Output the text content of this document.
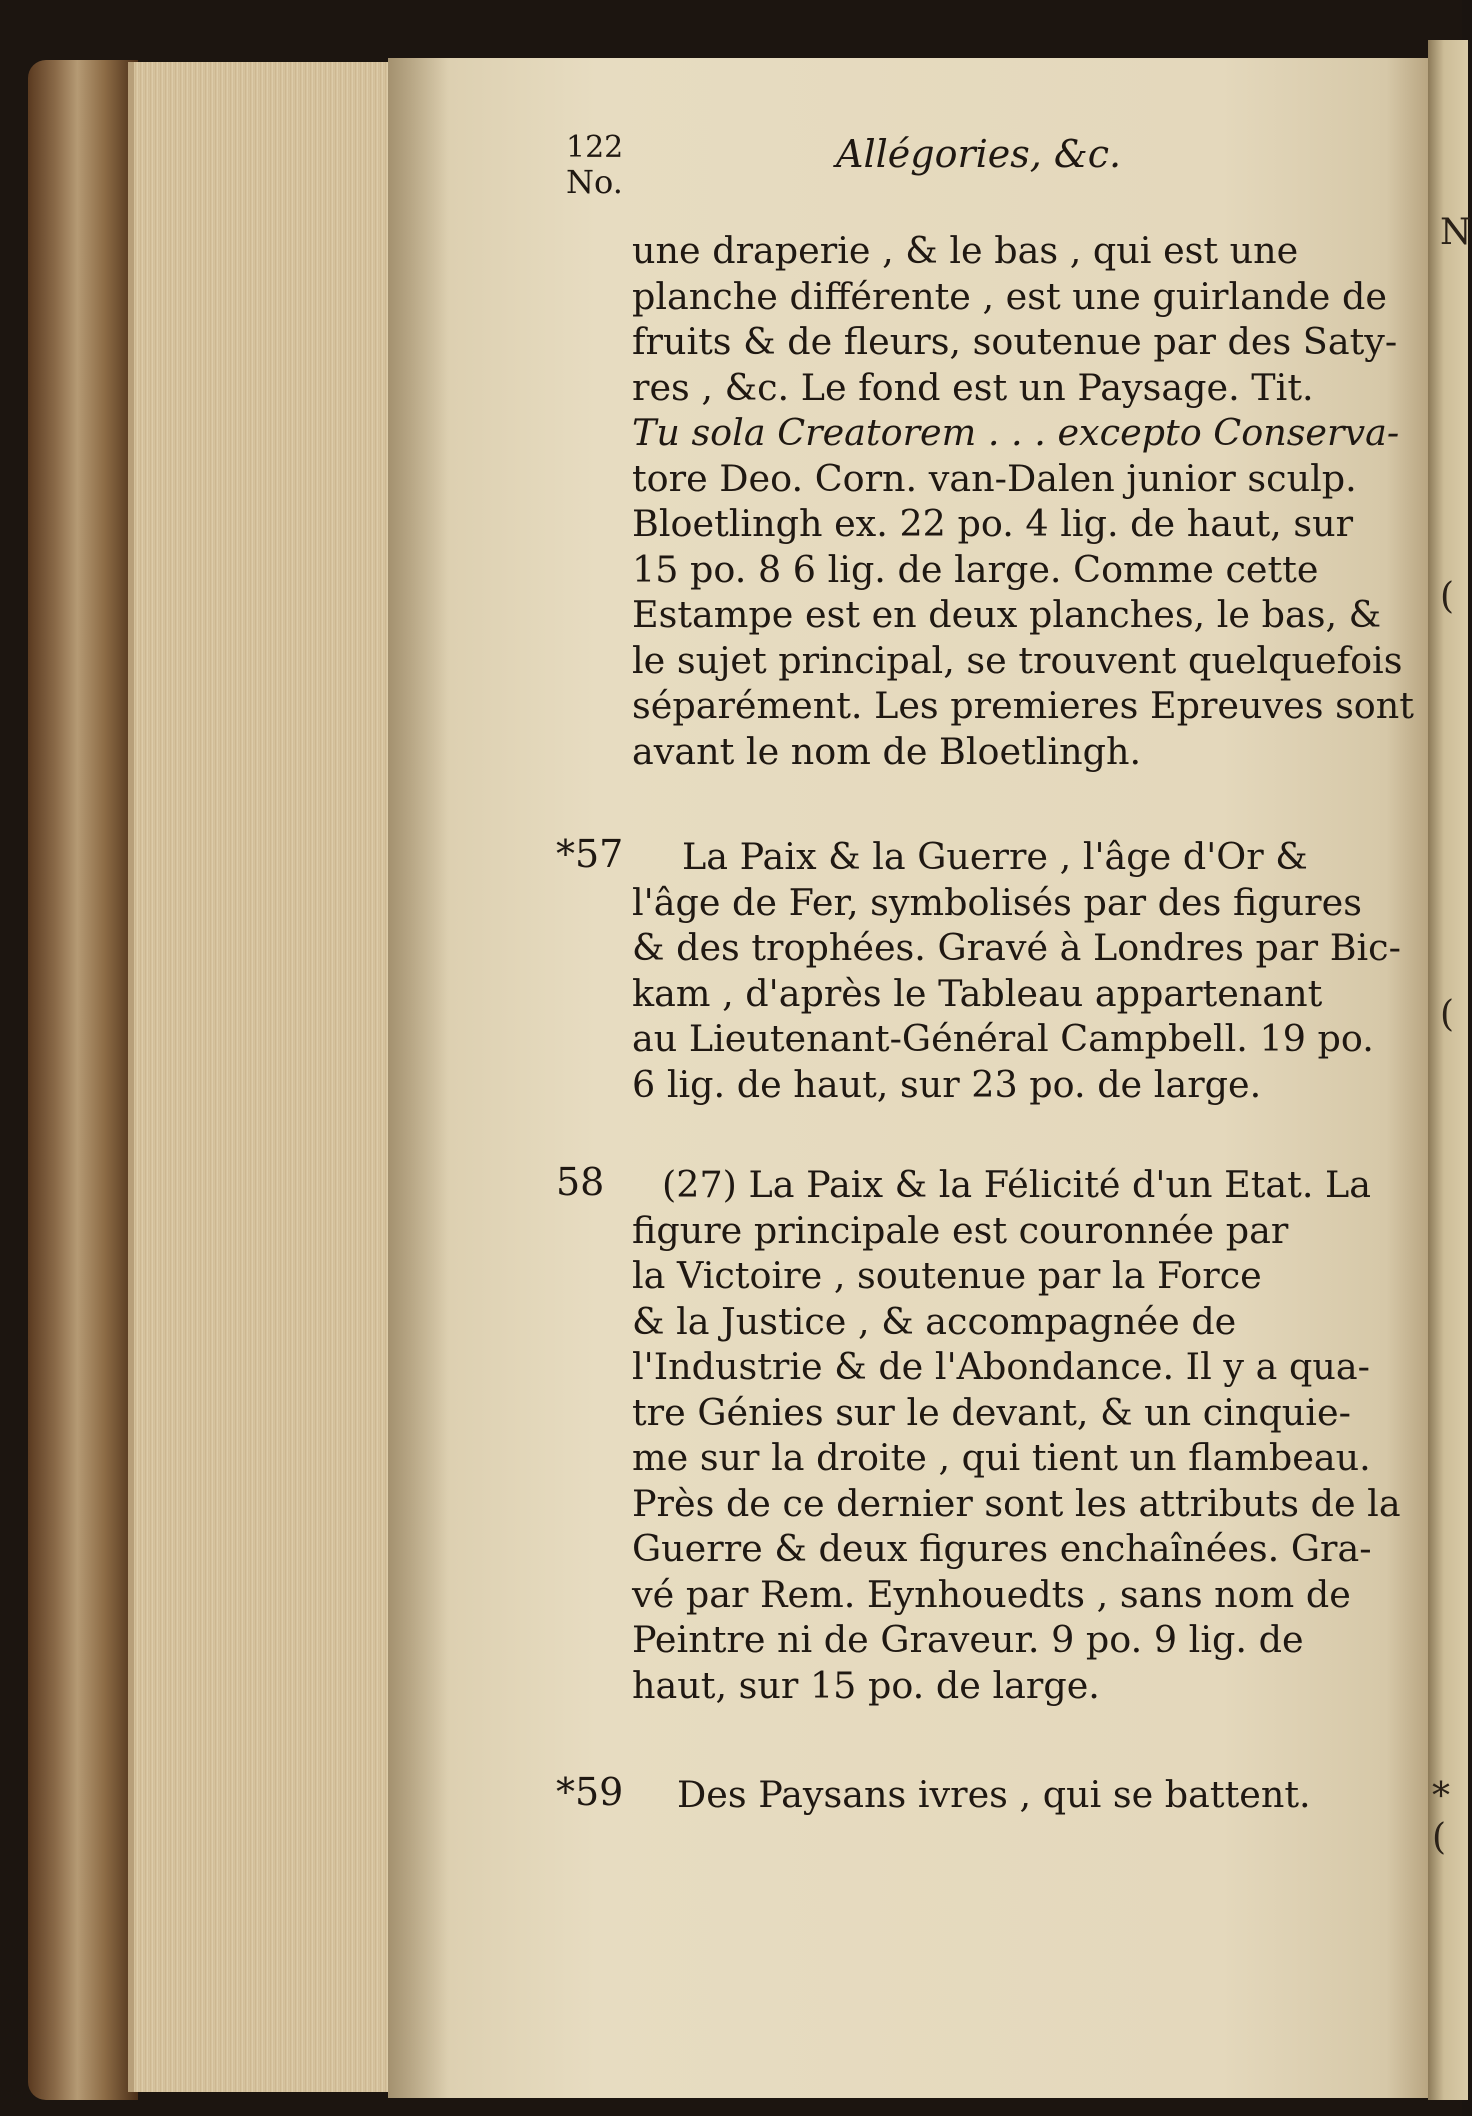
122
No.
Allégories, &c.
une draperie , & le bas , qui est une
planche différente , est une guirlande de
fruits & de fleurs, soutenue par des Saty-
res , &c. Le fond est un Paysage. Tit.
Tu sola Creatorem . . . excepto Conserva-
tore Deo. Corn. van-Dalen junior sculp.
Bloetlingh ex. 22 po. 4 lig. de haut, sur
15 po. 8 6 lig. de large. Comme cette
Estampe est en deux planches, le bas, &
le sujet principal, se trouvent quelquefois
séparément. Les premieres Epreuves sont
avant le nom de Bloetlingh.
*57	La Paix & la Guerre , l'âge d'Or &
l'âge de Fer, symbolisés par des figures
& des trophées. Gravé à Londres par Bic-
kam , d'après le Tableau appartenant
au Lieutenant-Général Campbell. 19 po.
6 lig. de haut, sur 23 po. de large.
58	(27) La Paix & la Félicité d'un Etat. La
figure principale est couronnée par
la Victoire , soutenue par la Force
& la Justice , & accompagnée de
l'Industrie & de l'Abondance. Il y a qua-
tre Génies sur le devant, & un cinquie-
me sur la droite , qui tient un flambeau.
Près de ce dernier sont les attributs de la
Guerre & deux figures enchaînées. Gra-
vé par Rem. Eynhouedts , sans nom de
Peintre ni de Graveur. 9 po. 9 lig. de
haut, sur 15 po. de large.
*59	Des Paysans ivres , qui se battent.
N
(
(
*(
